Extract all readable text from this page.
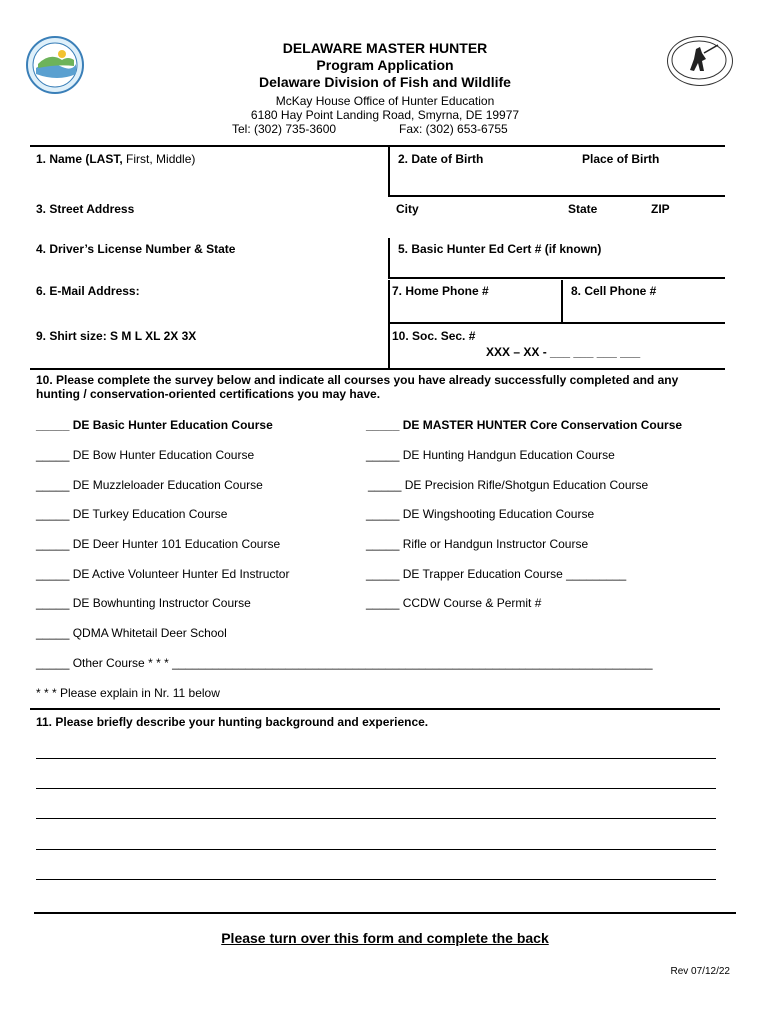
DELAWARE MASTER HUNTER
Program Application
Delaware Division of Fish and Wildlife
McKay House Office of Hunter Education
6180 Hay Point Landing Road, Smyrna, DE 19977
Tel: (302) 735-3600	Fax: (302) 653-6755
1. Name (LAST, First, Middle)	2. Date of Birth	Place of Birth
3. Street Address	City	State	ZIP
4. Driver’s License Number & State	5. Basic Hunter Ed Cert # (if known)
6. E-Mail Address:	7. Home Phone #	8. Cell Phone #
9. Shirt size: S M L XL 2X 3X	10. Soc. Sec. #
XXX – XX - ___ ___ ___ ___
10. Please complete the survey below and indicate all courses you have already successfully completed and any
hunting / conservation-oriented certifications you may have.
_____ DE Basic Hunter Education Course
_____ DE Bow Hunter Education Course
_____ DE Muzzleloader Education Course
_____ DE Turkey Education Course
_____ DE Deer Hunter 101 Education Course
_____ DE Active Volunteer Hunter Ed Instructor
_____ DE Bowhunting Instructor Course
_____ QDMA Whitetail Deer School
_____ Other Course * * * ________________________________________________________________________
_____ DE MASTER HUNTER Core Conservation Course
_____ DE Hunting Handgun Education Course
_____ DE Precision Rifle/Shotgun Education Course
_____ DE Wingshooting Education Course
_____ Rifle or Handgun Instructor Course
_____ DE Trapper Education Course _________
_____ CCDW Course & Permit #
* * * Please explain in Nr. 11 below
11. Please briefly describe your hunting background and experience.
Please turn over this form and complete the back
Rev 07/12/22
